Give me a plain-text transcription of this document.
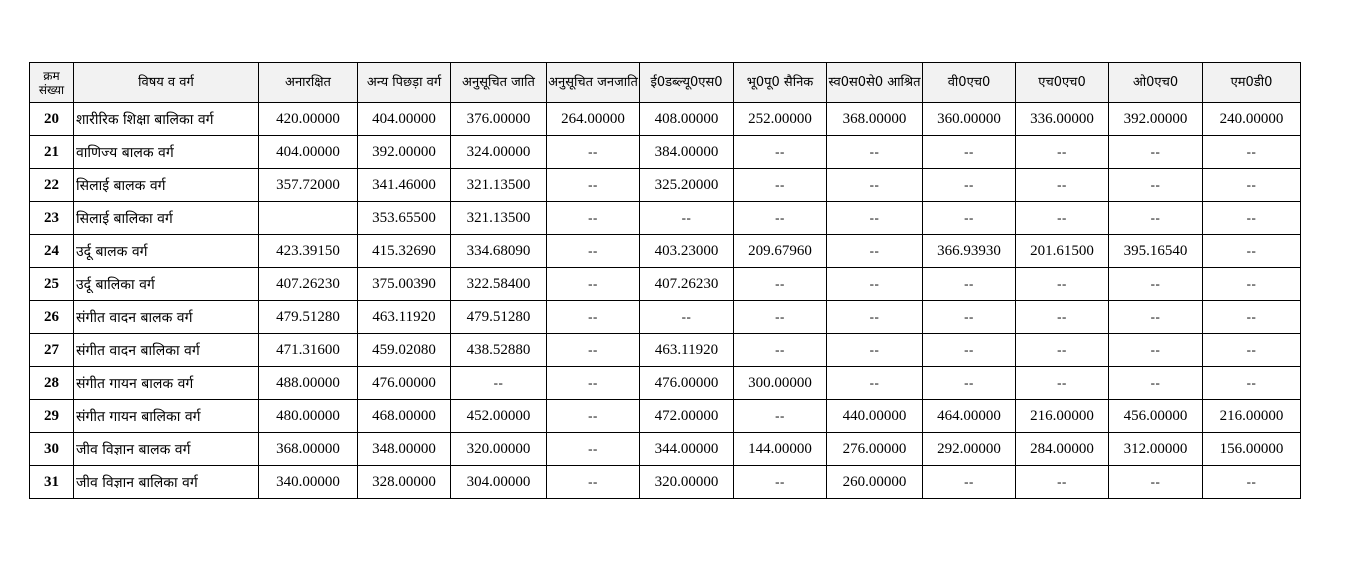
क्रम संख्या	विषय व वर्ग	अनारक्षित	अन्य पिछड़ा वर्ग	अनुसूचित जाति	अनुसूचित जनजाति	ई0डब्ल्यू0एस0	भू0पू0 सैनिक	स्व0स0से0 आश्रित	वी0एच0	एच0एच0	ओ0एच0	एम0डी0
20	शारीरिक शिक्षा बालिका वर्ग	420.00000	404.00000	376.00000	264.00000	408.00000	252.00000	368.00000	360.00000	336.00000	392.00000	240.00000
21	वाणिज्य बालक वर्ग	404.00000	392.00000	324.00000	--	384.00000	--	--	--	--	--	--
22	सिलाई बालक वर्ग	357.72000	341.46000	321.13500	--	325.20000	--	--	--	--	--	--
23	सिलाई बालिका वर्ग		353.65500	321.13500	--	--	--	--	--	--	--	--
24	उर्दू बालक वर्ग	423.39150	415.32690	334.68090	--	403.23000	209.67960	--	366.93930	201.61500	395.16540	--
25	उर्दू बालिका वर्ग	407.26230	375.00390	322.58400	--	407.26230	--	--	--	--	--	--
26	संगीत वादन बालक वर्ग	479.51280	463.11920	479.51280	--	--	--	--	--	--	--	--
27	संगीत वादन बालिका वर्ग	471.31600	459.02080	438.52880	--	463.11920	--	--	--	--	--	--
28	संगीत गायन बालक वर्ग	488.00000	476.00000	--	--	476.00000	300.00000	--	--	--	--	--
29	संगीत गायन बालिका वर्ग	480.00000	468.00000	452.00000	--	472.00000	--	440.00000	464.00000	216.00000	456.00000	216.00000
30	जीव विज्ञान बालक वर्ग	368.00000	348.00000	320.00000	--	344.00000	144.00000	276.00000	292.00000	284.00000	312.00000	156.00000
31	जीव विज्ञान बालिका वर्ग	340.00000	328.00000	304.00000	--	320.00000	--	260.00000	--	--	--	--
